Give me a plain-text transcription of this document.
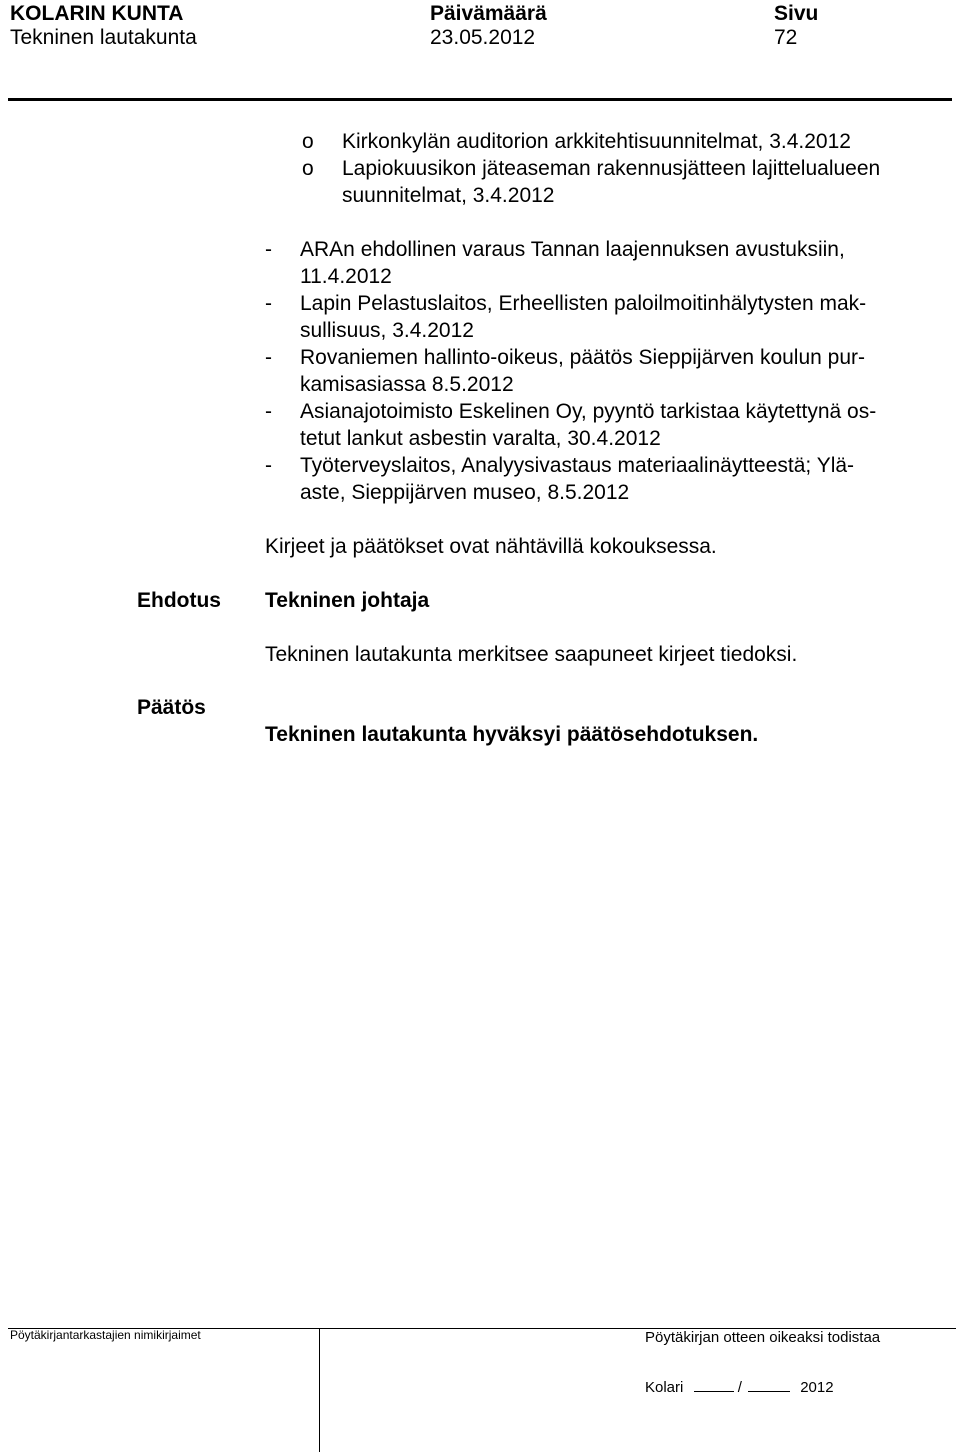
KOLARIN KUNTA
Tekninen lautakunta
Päivämäärä
23.05.2012
Sivu
72
o Kirkonkylän auditorion arkkitehtisuunnitelmat, 3.4.2012
o Lapiokuusikon jäteaseman rakennusjätteen lajittelualueen
suunnitelmat, 3.4.2012
- ARAn ehdollinen varaus Tannan laajennuksen avustuksiin,
11.4.2012
- Lapin Pelastuslaitos, Erheellisten paloilmoitinhälytysten mak-
sullisuus, 3.4.2012
- Rovaniemen hallinto-oikeus, päätös Sieppijärven koulun pur-
kamisasiassa 8.5.2012
- Asianajotoimisto Eskelinen Oy, pyyntö tarkistaa käytettynä os-
tetut lankut asbestin varalta, 30.4.2012
- Työterveyslaitos, Analyysivastaus materiaalinäytteestä; Ylä-
aste, Sieppijärven museo, 8.5.2012
Kirjeet ja päätökset ovat nähtävillä kokouksessa.
Ehdotus Tekninen johtaja
Tekninen lautakunta merkitsee saapuneet kirjeet tiedoksi.
Päätös
Tekninen lautakunta hyväksyi päätösehdotuksen.
Pöytäkirjantarkastajien nimikirjaimet	Pöytäkirjan otteen oikeaksi todistaa
Kolari	/	2012
